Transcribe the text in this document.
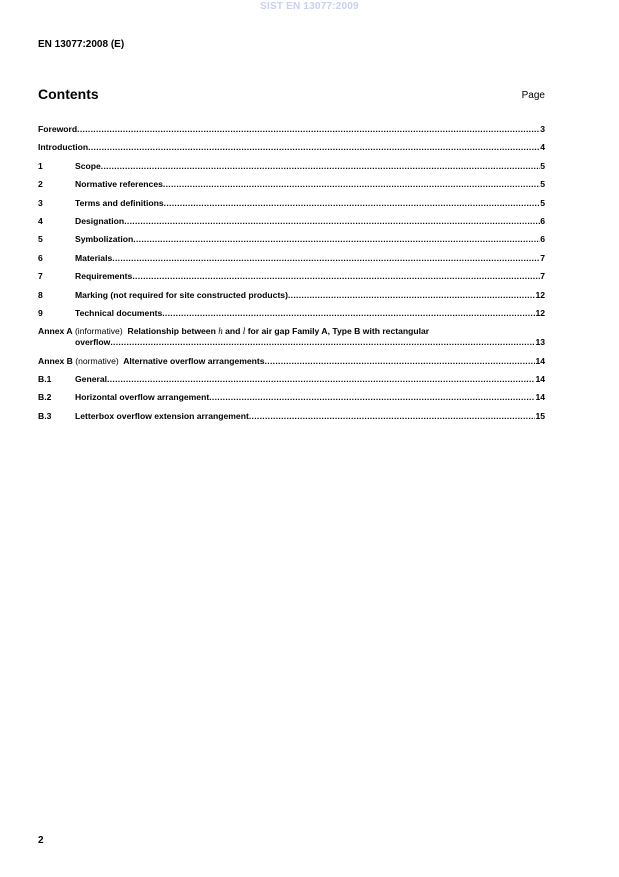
SIST EN 13077:2009
EN 13077:2008 (E)
Contents	Page
Foreword .....	3
Introduction .....	4
1	Scope .....	5
2	Normative references .....	5
3	Terms and definitions .....	5
4	Designation .....	6
5	Symbolization .....	6
6	Materials .....	7
7	Requirements .....	7
8	Marking (not required for site constructed products) .....	12
9	Technical documents .....	12
Annex A (informative) Relationship between h and l for air gap Family A, Type B with rectangular
overflow .....	13
Annex B (normative) Alternative overflow arrangements .....	14
B.1	General .....	14
B.2	Horizontal overflow arrangement .....	14
B.3	Letterbox overflow extension arrangement .....	15
2
